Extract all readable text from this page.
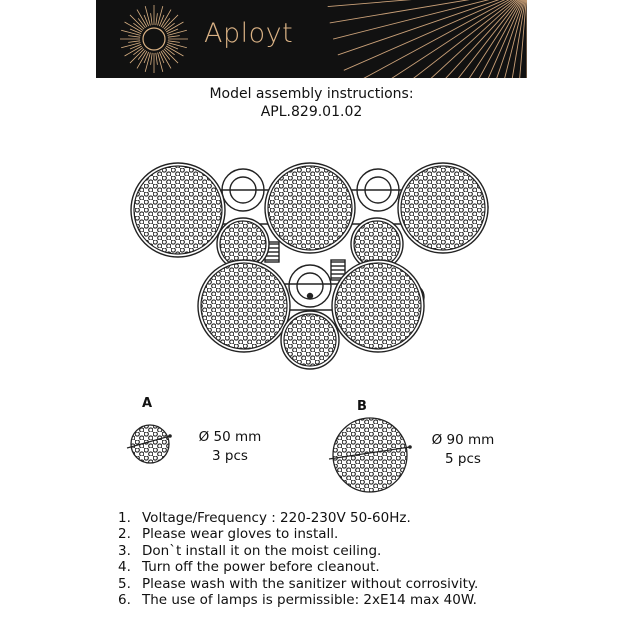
Aployt
Model assembly instructions:
APL.829.01.02
A	B
Ø 50 mm
3 pcs
Ø 90 mm
5 pcs
1. Voltage/Frequency : 220-230V 50-60Hz.
2. Please wear gloves to install.
3. Don`t install it on the moist ceiling.
4. Turn off the power before cleanout.
5. Please wash with the sanitizer without corrosivity.
6. The use of lamps is permissible: 2xE14 max 40W.
